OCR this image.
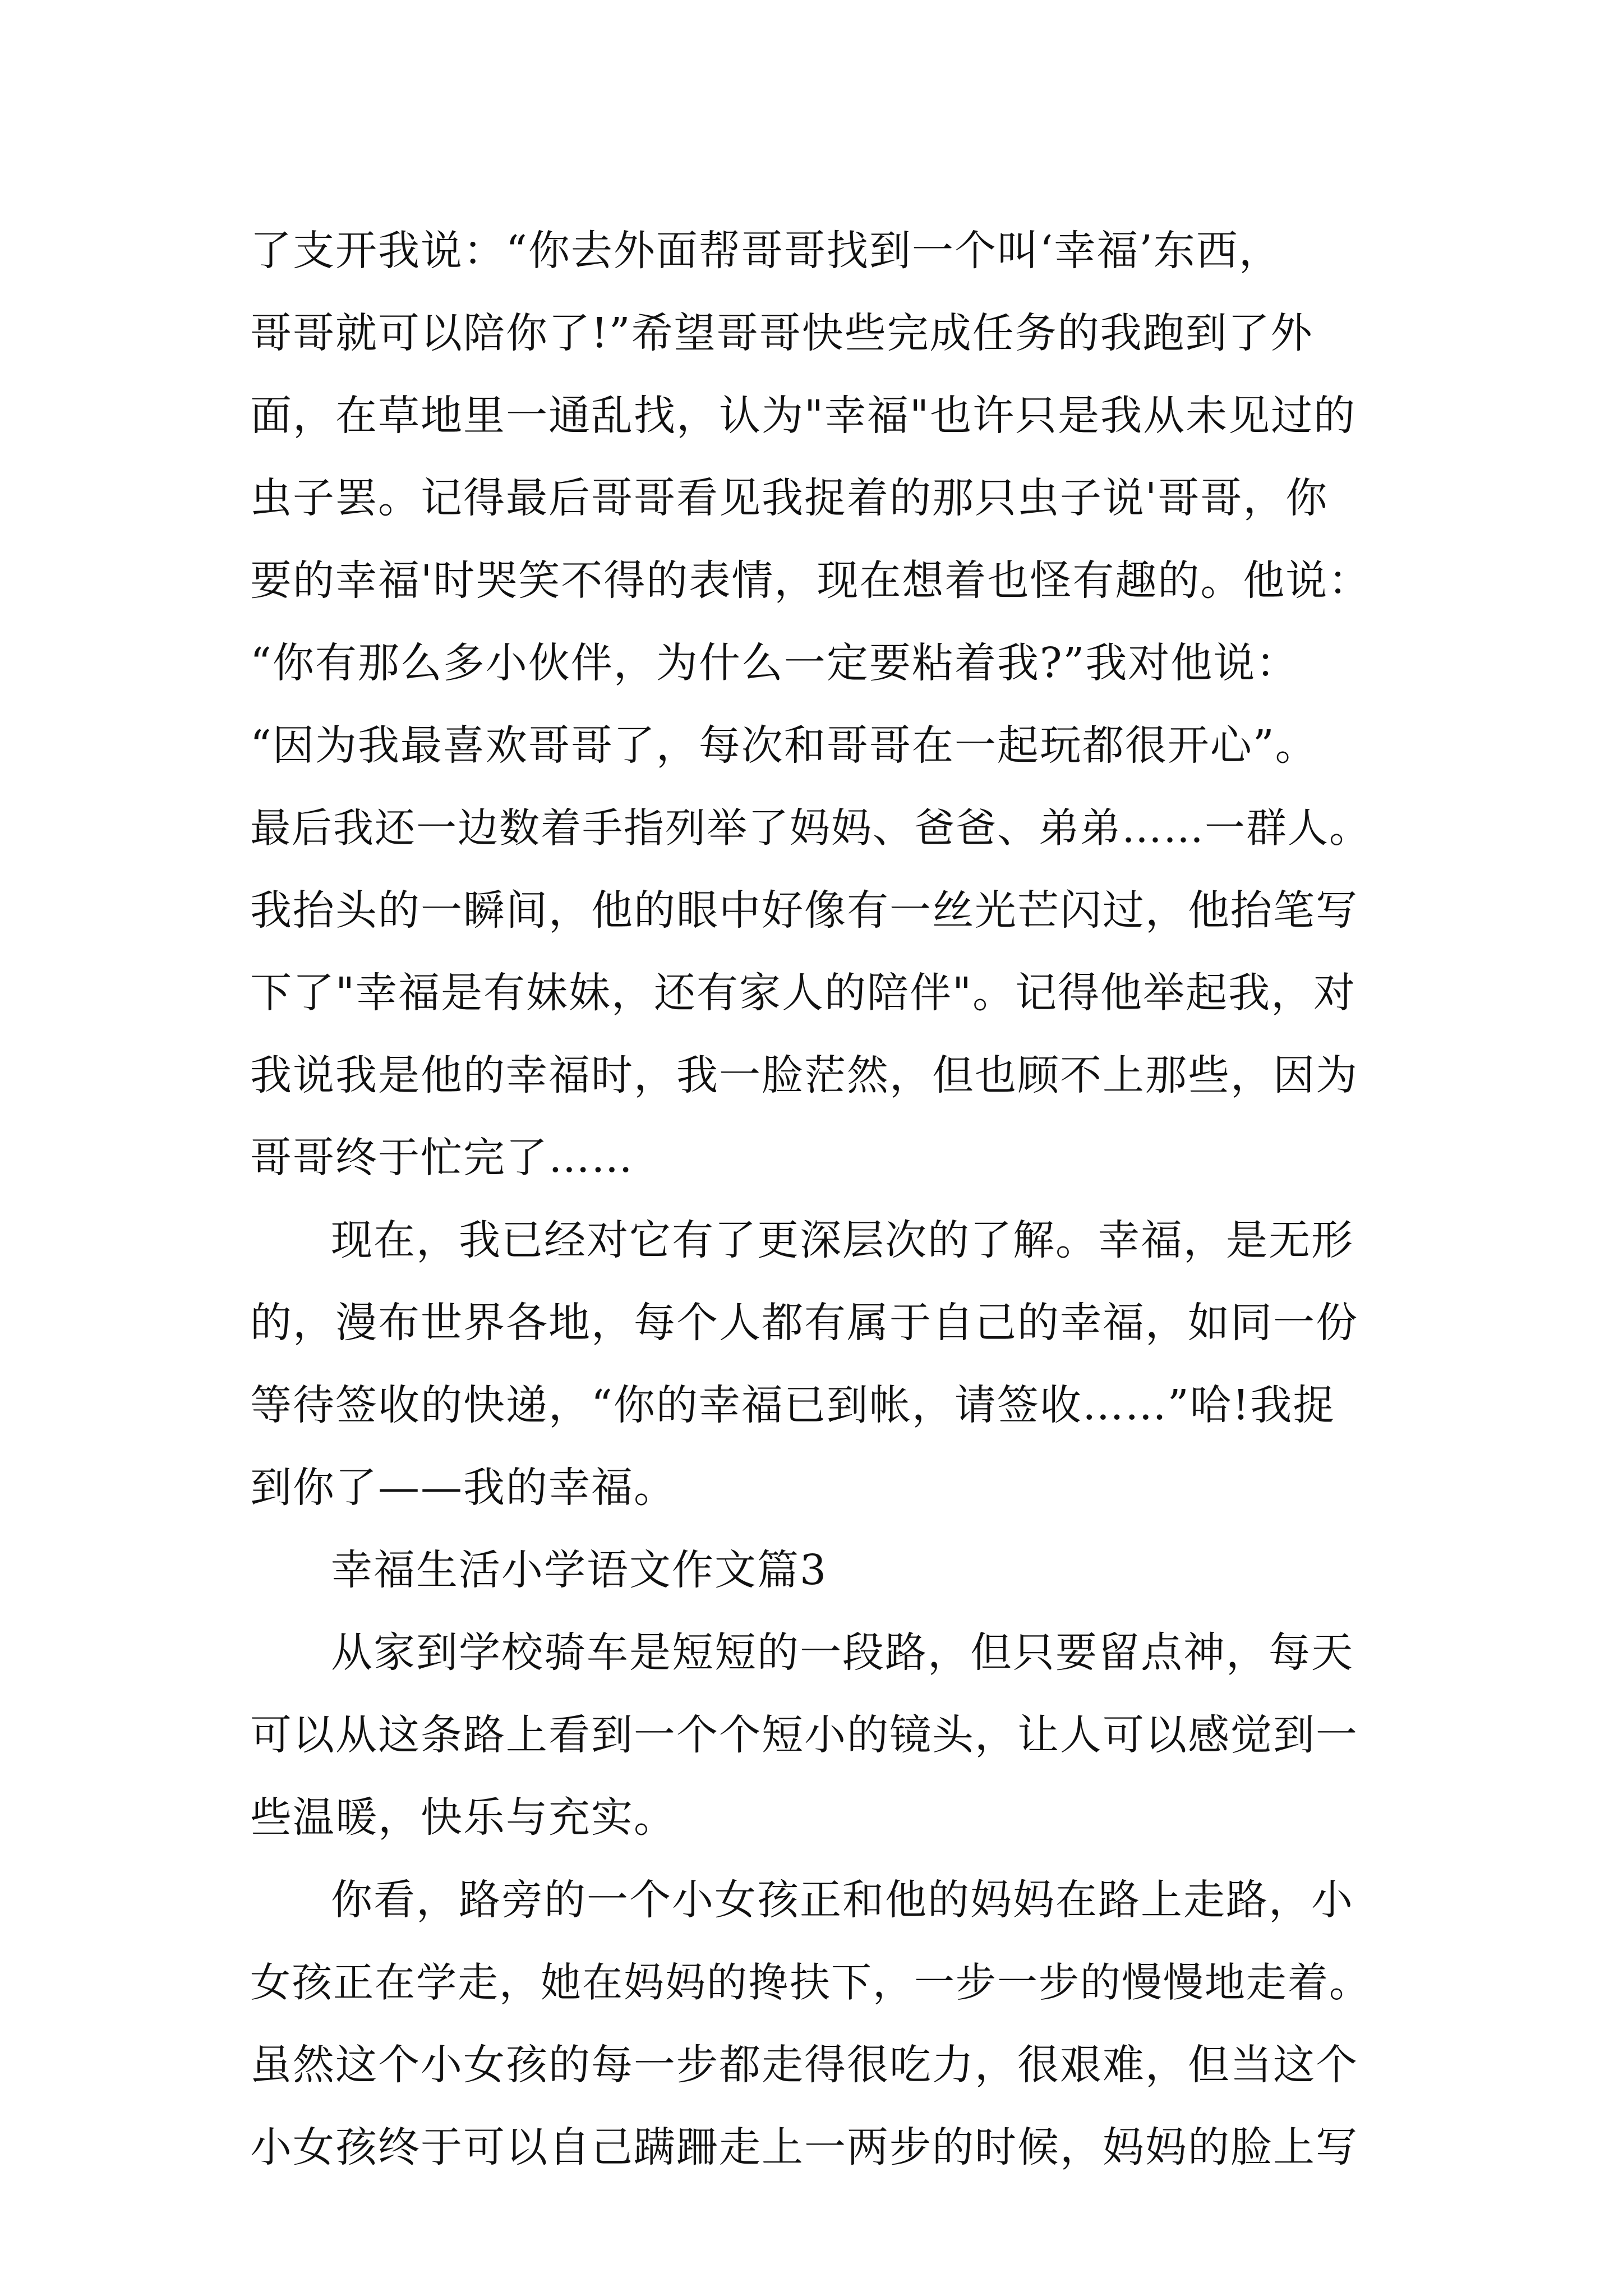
了支开我说：“你去外面帮哥哥找到一个叫‘幸福’东西，

哥哥就可以陪你了!”希望哥哥快些完成任务的我跑到了外

面，在草地里一通乱找，认为"幸福"也许只是我从未见过的

虫子罢。记得最后哥哥看见我捉着的那只虫子说'哥哥，你

要的幸福'时哭笑不得的表情，现在想着也怪有趣的。他说：

“你有那么多小伙伴，为什么一定要粘着我?”我对他说：

“因为我最喜欢哥哥了，每次和哥哥在一起玩都很开心”。

最后我还一边数着手指列举了妈妈、爸爸、弟弟……一群人。

我抬头的一瞬间，他的眼中好像有一丝光芒闪过，他抬笔写

下了"幸福是有妹妹，还有家人的陪伴"。记得他举起我，对

我说我是他的幸福时，我一脸茫然，但也顾不上那些，因为

哥哥终于忙完了……

现在，我已经对它有了更深层次的了解。幸福，是无形

的，漫布世界各地，每个人都有属于自己的幸福，如同一份

等待签收的快递，“你的幸福已到帐，请签收……”哈!我捉

到你了——我的幸福。

幸福生活小学语文作文篇3

从家到学校骑车是短短的一段路，但只要留点神，每天

可以从这条路上看到一个个短小的镜头，让人可以感觉到一

些温暖，快乐与充实。

你看，路旁的一个小女孩正和他的妈妈在路上走路，小

女孩正在学走，她在妈妈的搀扶下，一步一步的慢慢地走着。

虽然这个小女孩的每一步都走得很吃力，很艰难，但当这个

小女孩终于可以自己蹒跚走上一两步的时候，妈妈的脸上写
